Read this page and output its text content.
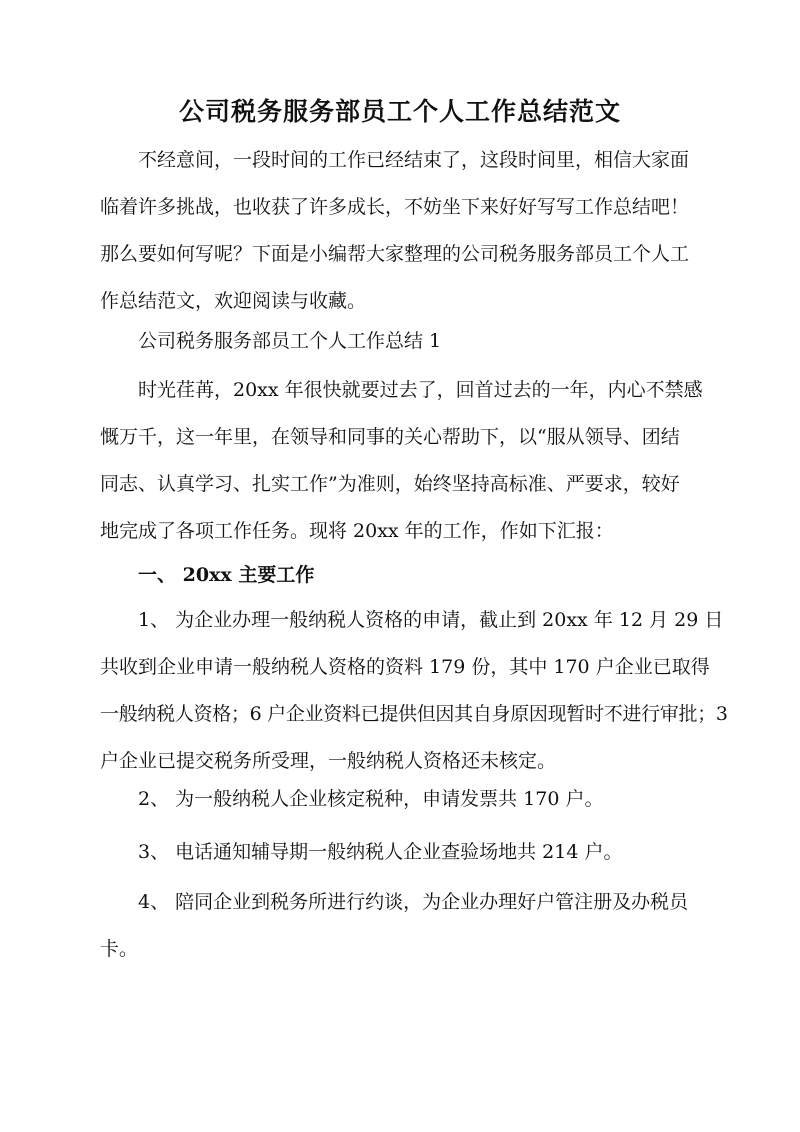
公司税务服务部员工个人工作总结范文
不经意间，一段时间的工作已经结束了，这段时间里，相信大家面
临着许多挑战，也收获了许多成长，不妨坐下来好好写写工作总结吧！
那么要如何写呢？下面是小编帮大家整理的公司税务服务部员工个人工
作总结范文，欢迎阅读与收藏。
公司税务服务部员工个人工作总结 1
时光荏苒，20xx 年很快就要过去了，回首过去的一年，内心不禁感
慨万千，这一年里，在领导和同事的关心帮助下，以“服从领导、团结
同志、认真学习、扎实工作”为准则，始终坚持高标准、严要求，较好
地完成了各项工作任务。现将 20xx 年的工作，作如下汇报：
一、 20xx 主要工作
1、 为企业办理一般纳税人资格的申请，截止到 20xx 年 12 月 29 日
共收到企业申请一般纳税人资格的资料 179 份，其中 170 户企业已取得
一般纳税人资格；6 户企业资料已提供但因其自身原因现暂时不进行审批；3
户企业已提交税务所受理，一般纳税人资格还未核定。
2、 为一般纳税人企业核定税种，申请发票共 170 户。
3、 电话通知辅导期一般纳税人企业查验场地共 214 户。
4、 陪同企业到税务所进行约谈，为企业办理好户管注册及办税员
卡。
